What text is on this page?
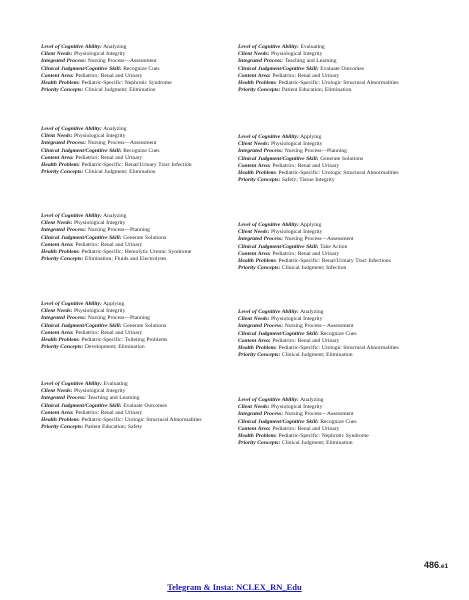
Level of Cognitive Ability: Analyzing
Client Needs: Physiological Integrity
Integrated Process: Nursing Process—Assessment
Clinical Judgment/Cognitive Skill: Recognize Cues
Content Area: Pediatrics: Renal and Urinary
Health Problem: Pediatric-Specific: Nephrotic Syndrome
Priority Concepts: Clinical Judgment; Elimination
Level of Cognitive Ability: Analyzing
Client Needs: Physiological Integrity
Integrated Process: Nursing Process—Assessment
Clinical Judgment/Cognitive Skill: Recognize Cues
Content Area: Pediatrics: Renal and Urinary
Health Problem: Pediatric-Specific: Renal/Urinary Tract Infection
Priority Concepts: Clinical Judgment; Elimination
Level of Cognitive Ability: Analyzing
Client Needs: Physiological Integrity
Integrated Process: Nursing Process—Planning
Clinical Judgment/Cognitive Skill: Generate Solutions
Content Area: Pediatrics: Renal and Urinary
Health Problem: Pediatric-Specific: Hemolytic Uremic Syndrome
Priority Concepts: Elimination; Fluids and Electrolytes
Level of Cognitive Ability: Applying
Client Needs: Physiological Integrity
Integrated Process: Nursing Process—Planning
Clinical Judgment/Cognitive Skill: Generate Solutions
Content Area: Pediatrics: Renal and Urinary
Health Problem: Pediatric-Specific: Toileting Problems
Priority Concepts: Development; Elimination
Level of Cognitive Ability: Evaluating
Client Needs: Physiological Integrity
Integrated Process: Teaching and Learning
Clinical Judgment/Cognitive Skill: Evaluate Outcomes
Content Area: Pediatrics: Renal and Urinary
Health Problem: Pediatric-Specific: Urologic Structural Abnormalities
Priority Concepts: Patient Education; Safety
Level of Cognitive Ability: Evaluating
Client Needs: Physiological Integrity
Integrated Process: Teaching and Learning
Clinical Judgment/Cognitive Skill: Evaluate Outcomes
Content Area: Pediatrics: Renal and Urinary
Health Problem: Pediatric-Specific: Urologic Structural Abnormalities
Priority Concepts: Patient Education; Elimination
Level of Cognitive Ability: Applying
Client Needs: Physiological Integrity
Integrated Process: Nursing Process—Planning
Clinical Judgment/Cognitive Skill: Generate Solutions
Content Area: Pediatrics: Renal and Urinary
Health Problem: Pediatric-Specific: Urologic Structural Abnormalities
Priority Concepts: Safety; Tissue Integrity
Level of Cognitive Ability: Applying
Client Needs: Physiological Integrity
Integrated Process: Nursing Process—Assessment
Clinical Judgment/Cognitive Skill: Take Action
Content Area: Pediatrics: Renal and Urinary
Health Problem: Pediatric-Specific: Renal/Urinary Tract Infections
Priority Concepts: Clinical Judgment; Infection
Level of Cognitive Ability: Analyzing
Client Needs: Physiological Integrity
Integrated Process: Nursing Process—Assessment
Clinical Judgment/Cognitive Skill: Recognize Cues
Content Area: Pediatrics: Renal and Urinary
Health Problem: Pediatric-Specific: Urologic Structural Abnormalities
Priority Concepts: Clinical Judgment; Elimination
Level of Cognitive Ability: Analyzing
Client Needs: Physiological Integrity
Integrated Process: Nursing Process—Assessment
Clinical Judgment/Cognitive Skill: Recognize Cues
Content Area: Pediatrics: Renal and Urinary
Health Problem: Pediatric-Specific: Nephrotic Syndrome
Priority Concepts: Clinical Judgment; Elimination
486.e1
Telegram & Insta: NCLEX_RN_Edu
